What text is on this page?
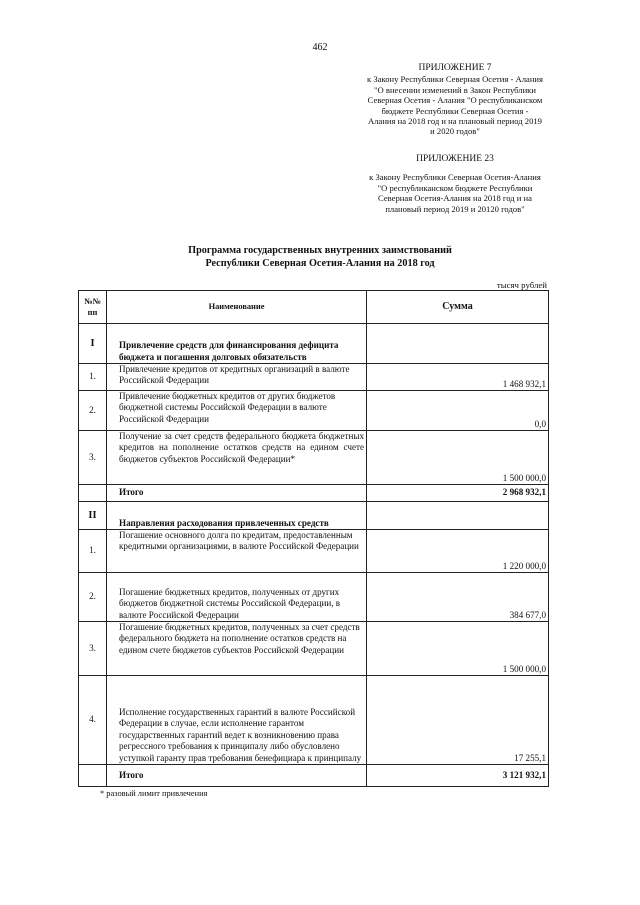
462
ПРИЛОЖЕНИЕ 7
к Закону Республики Северная Осетия - Алания
"О внесении изменений в Закон Республики
Северная Осетия - Алания "О республиканском
бюджете Республики Северная Осетия -
Алания на 2018 год и на плановый период 2019
и 2020 годов"
ПРИЛОЖЕНИЕ 23
к Закону Республики Северная Осетия-Алания
"О республиканском бюджете Республики
Северная Осетия-Алания на 2018 год и на
плановый период 2019 и 20120 годов"
Программа государственных внутренних заимствований
Республики Северная Осетия-Алания на 2018 год
тысяч рублей
№№ пп	Наименование	Сумма
I	Привлечение средств для финансирования дефицита бюджета и погашения долговых обязательств	
1.	Привлечение кредитов от кредитных организаций в валюте Российской Федерации	1 468 932,1
2.	Привлечение бюджетных кредитов от других бюджетов бюджетной системы Российской Федерации в валюте Российской Федерации	0,0
3.	Получение за счет средств федерального бюджета бюджетных кредитов на пополнение остатков средств на едином счете бюджетов субъектов Российской Федерации*	1 500 000,0
	Итого	2 968 932,1
II	Направления расходования привлеченных средств	
1.	Погашение основного долга по кредитам, предоставленным кредитными организациями, в валюте Российской Федерации	1 220 000,0
2.	Погашение бюджетных кредитов, полученных от других бюджетов бюджетной системы Российской Федерации, в валюте Российской Федерации	384 677,0
3.	Погашение бюджетных кредитов, полученных за счет средств федерального бюджета на пополнение остатков средств на едином счете бюджетов субъектов Российской Федерации	1 500 000,0
4.	Исполнение государственных гарантий в валюте Российской Федерации в случае, если исполнение гарантом государственных гарантий ведет к возникновению права регрессного требования к принципалу либо обусловлено уступкой гаранту прав требования бенефициара к принципалу	17 255,1
	Итого	3 121 932,1
* разовый лимит привлечения
